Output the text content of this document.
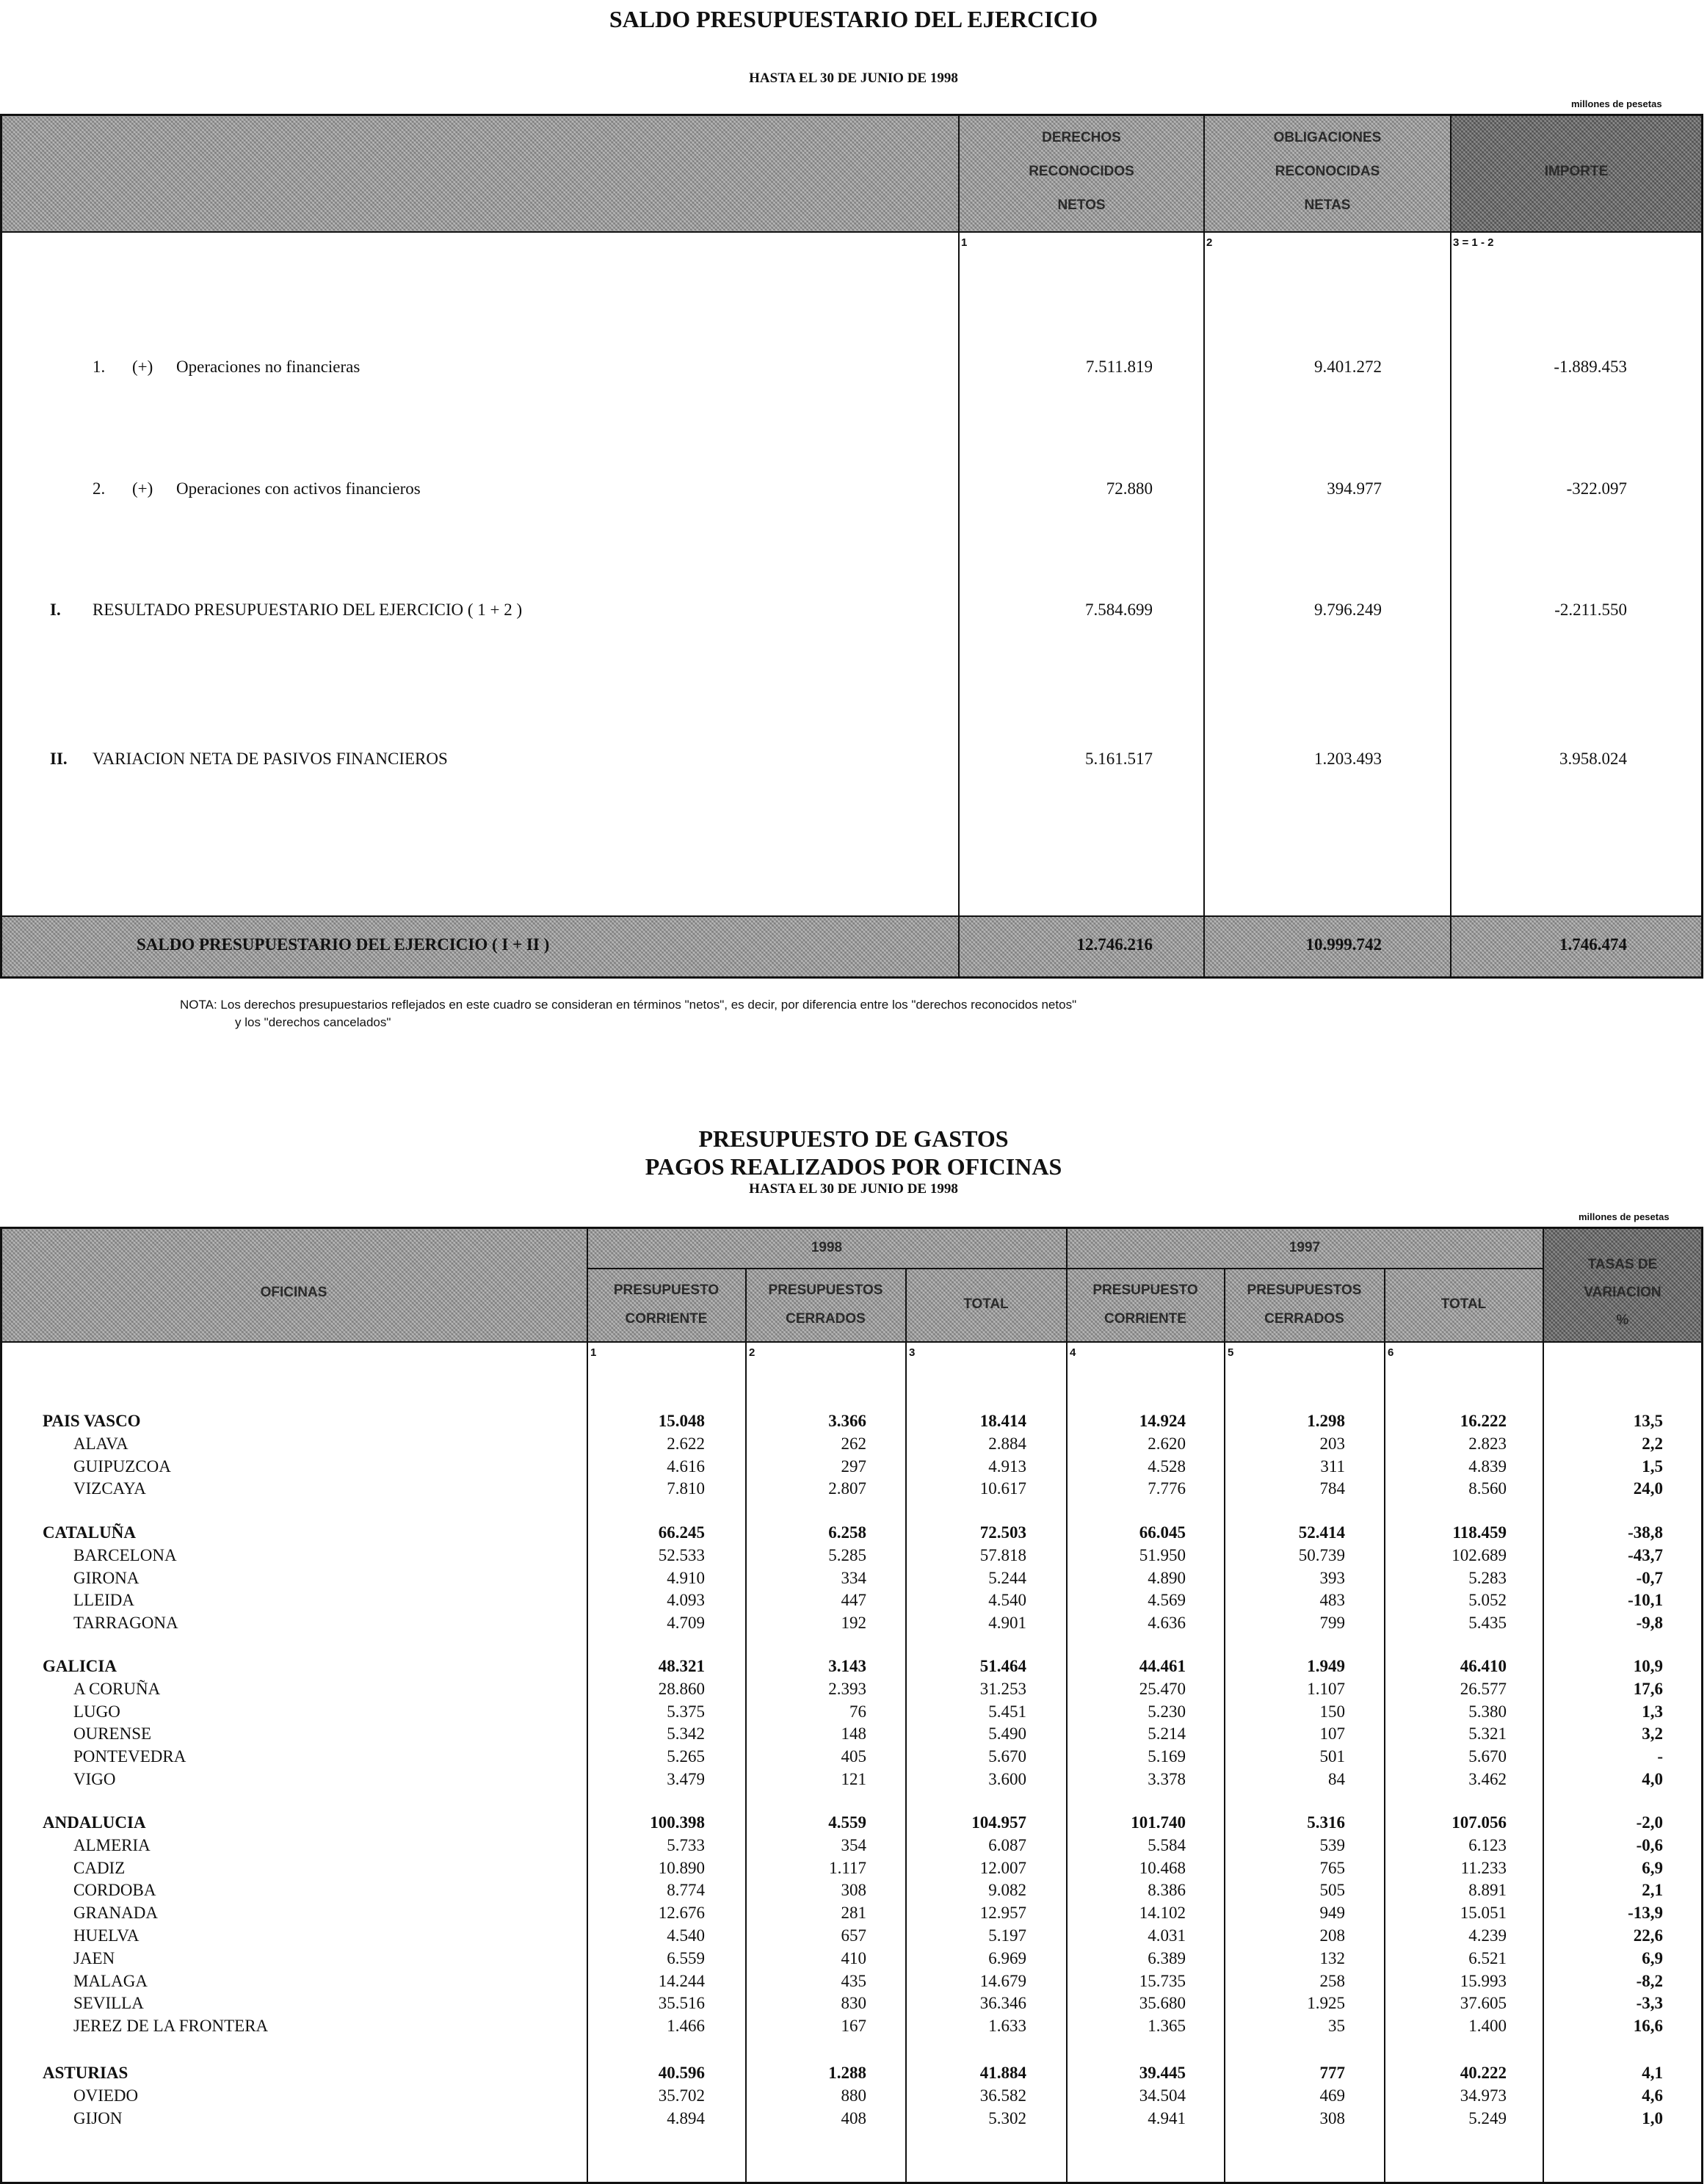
SALDO PRESUPUESTARIO DEL EJERCICIO
HASTA EL 30 DE JUNIO DE 1998
millones de pesetas
DERECHOS
RECONOCIDOS
NETOS
OBLIGACIONES
RECONOCIDAS
NETAS
IMPORTE
1	2	3 = 1 - 2
1. (+) Operaciones no financieras	7.511.819	9.401.272	-1.889.453
2. (+) Operaciones con activos financieros	72.880	394.977	-322.097
I. RESULTADO PRESUPUESTARIO DEL EJERCICIO ( 1 + 2 )	7.584.699	9.796.249	-2.211.550
II. VARIACION NETA DE PASIVOS FINANCIEROS	5.161.517	1.203.493	3.958.024
SALDO PRESUPUESTARIO DEL EJERCICIO ( I + II )	12.746.216	10.999.742	1.746.474
NOTA: Los derechos presupuestarios reflejados en este cuadro se consideran en términos "netos", es decir, por diferencia entre los "derechos reconocidos netos"
y los "derechos cancelados"
PRESUPUESTO DE GASTOS
PAGOS REALIZADOS POR OFICINAS
HASTA EL 30 DE JUNIO DE 1998
millones de pesetas
OFICINAS
1998	1997
PRESUPUESTO
CORRIENTE
PRESUPUESTOS
CERRADOS
TOTAL
PRESUPUESTO
CORRIENTE
PRESUPUESTOS
CERRADOS
TOTAL
TASAS DE
VARIACION
%
1	2	3	4	5	6
PAIS VASCO	15.048	3.366	18.414	14.924	1.298	16.222	13,5
ALAVA	2.622	262	2.884	2.620	203	2.823	2,2
GUIPUZCOA	4.616	297	4.913	4.528	311	4.839	1,5
VIZCAYA	7.810	2.807	10.617	7.776	784	8.560	24,0
CATALUÑA	66.245	6.258	72.503	66.045	52.414	118.459	-38,8
BARCELONA	52.533	5.285	57.818	51.950	50.739	102.689	-43,7
GIRONA	4.910	334	5.244	4.890	393	5.283	-0,7
LLEIDA	4.093	447	4.540	4.569	483	5.052	-10,1
TARRAGONA	4.709	192	4.901	4.636	799	5.435	-9,8
GALICIA	48.321	3.143	51.464	44.461	1.949	46.410	10,9
A CORUÑA	28.860	2.393	31.253	25.470	1.107	26.577	17,6
LUGO	5.375	76	5.451	5.230	150	5.380	1,3
OURENSE	5.342	148	5.490	5.214	107	5.321	3,2
PONTEVEDRA	5.265	405	5.670	5.169	501	5.670	-
VIGO	3.479	121	3.600	3.378	84	3.462	4,0
ANDALUCIA	100.398	4.559	104.957	101.740	5.316	107.056	-2,0
ALMERIA	5.733	354	6.087	5.584	539	6.123	-0,6
CADIZ	10.890	1.117	12.007	10.468	765	11.233	6,9
CORDOBA	8.774	308	9.082	8.386	505	8.891	2,1
GRANADA	12.676	281	12.957	14.102	949	15.051	-13,9
HUELVA	4.540	657	5.197	4.031	208	4.239	22,6
JAEN	6.559	410	6.969	6.389	132	6.521	6,9
MALAGA	14.244	435	14.679	15.735	258	15.993	-8,2
SEVILLA	35.516	830	36.346	35.680	1.925	37.605	-3,3
JEREZ DE LA FRONTERA	1.466	167	1.633	1.365	35	1.400	16,6
ASTURIAS	40.596	1.288	41.884	39.445	777	40.222	4,1
OVIEDO	35.702	880	36.582	34.504	469	34.973	4,6
GIJON	4.894	408	5.302	4.941	308	5.249	1,0
